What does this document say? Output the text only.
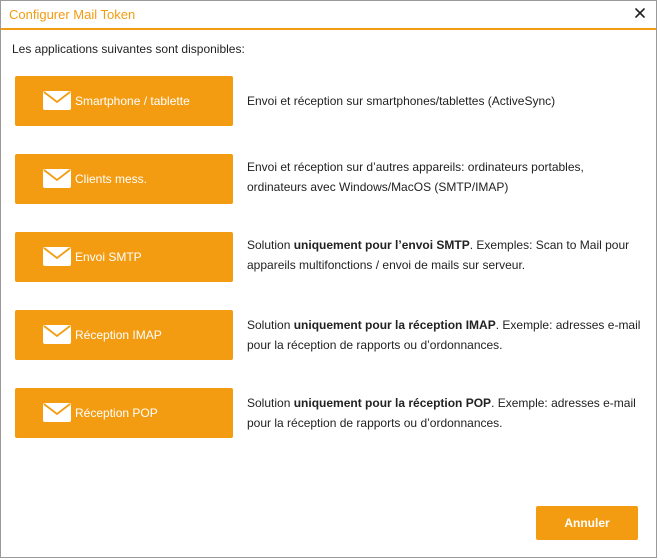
Configurer Mail Token
Les applications suivantes sont disponibles:
Smartphone / tablette	Envoi et réception sur smartphones/tablettes (ActiveSync)
Clients mess.
Envoi et réception sur d’autres appareils: ordinateurs portables, ordinateurs avec Windows/MacOS (SMTP/IMAP)
Envoi SMTP
Solution uniquement pour l’envoi SMTP. Exemples: Scan to Mail pour appareils multifonctions / envoi de mails sur serveur.
Réception IMAP
Solution uniquement pour la réception IMAP. Exemple: adresses e-mail pour la réception de rapports ou d’ordonnances.
Réception POP
Solution uniquement pour la réception POP. Exemple: adresses e-mail pour la réception de rapports ou d’ordonnances.
Annuler
